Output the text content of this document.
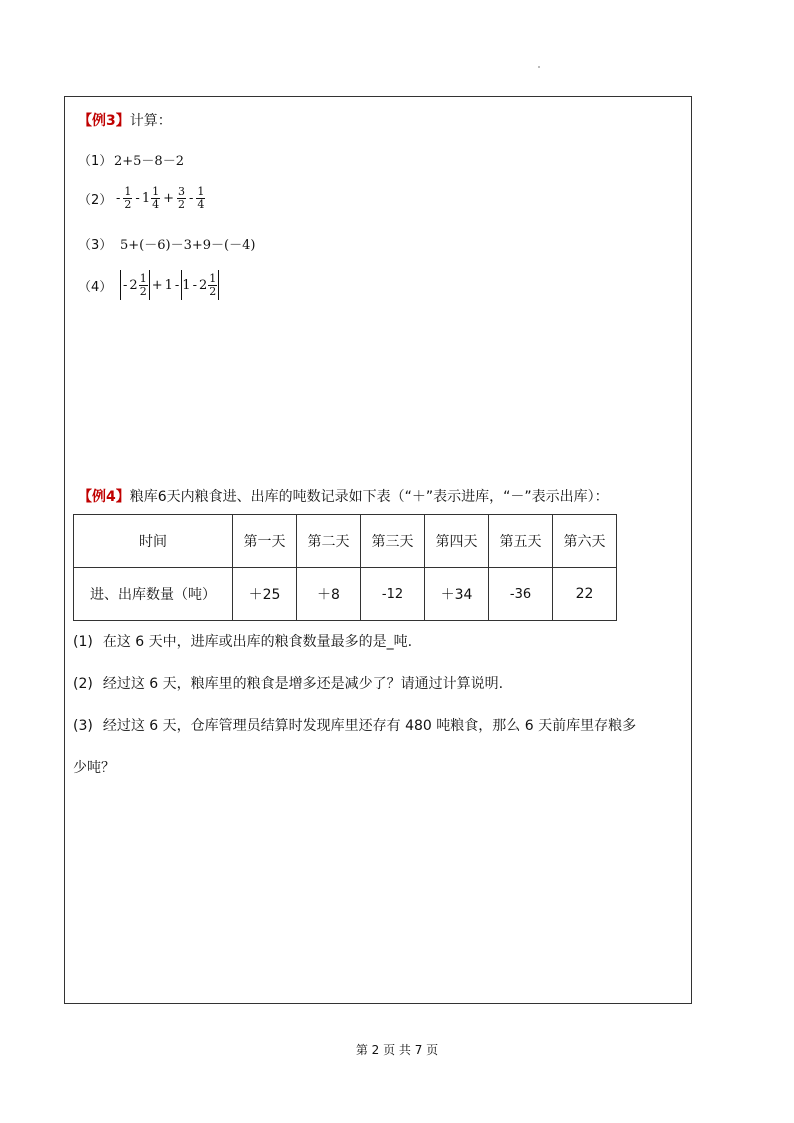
【例3】计算：
（1） 2+5－8－2
$(2) - \frac{1}{2} - 1 \frac{1}{4} + \frac{3}{2} - \frac{1}{4}$
（3） 5+(－6)－3+9－(－4)
$(4) - 2 \frac{1}{2} + 1 - 1 - 2 \frac{1}{2}$
【例4】粮库6天内粮食进、出库的吨数记录如下表（“＋”表示进库，“－”表示出库）：
时间	第一天	第二天	第三天	第四天	第五天	第六天
进、出库数量（吨）	＋25	＋8	-12	＋34	-36	22
(1) 在这 6 天中，进库或出库的粮食数量最多的是_吨.
(2) 经过这 6 天，粮库里的粮食是增多还是减少了？请通过计算说明.
(3) 经过这 6 天，仓库管理员结算时发现库里还存有 480 吨粮食，那么 6 天前库里存粮多
少吨？
第 2 页 共 7 页
